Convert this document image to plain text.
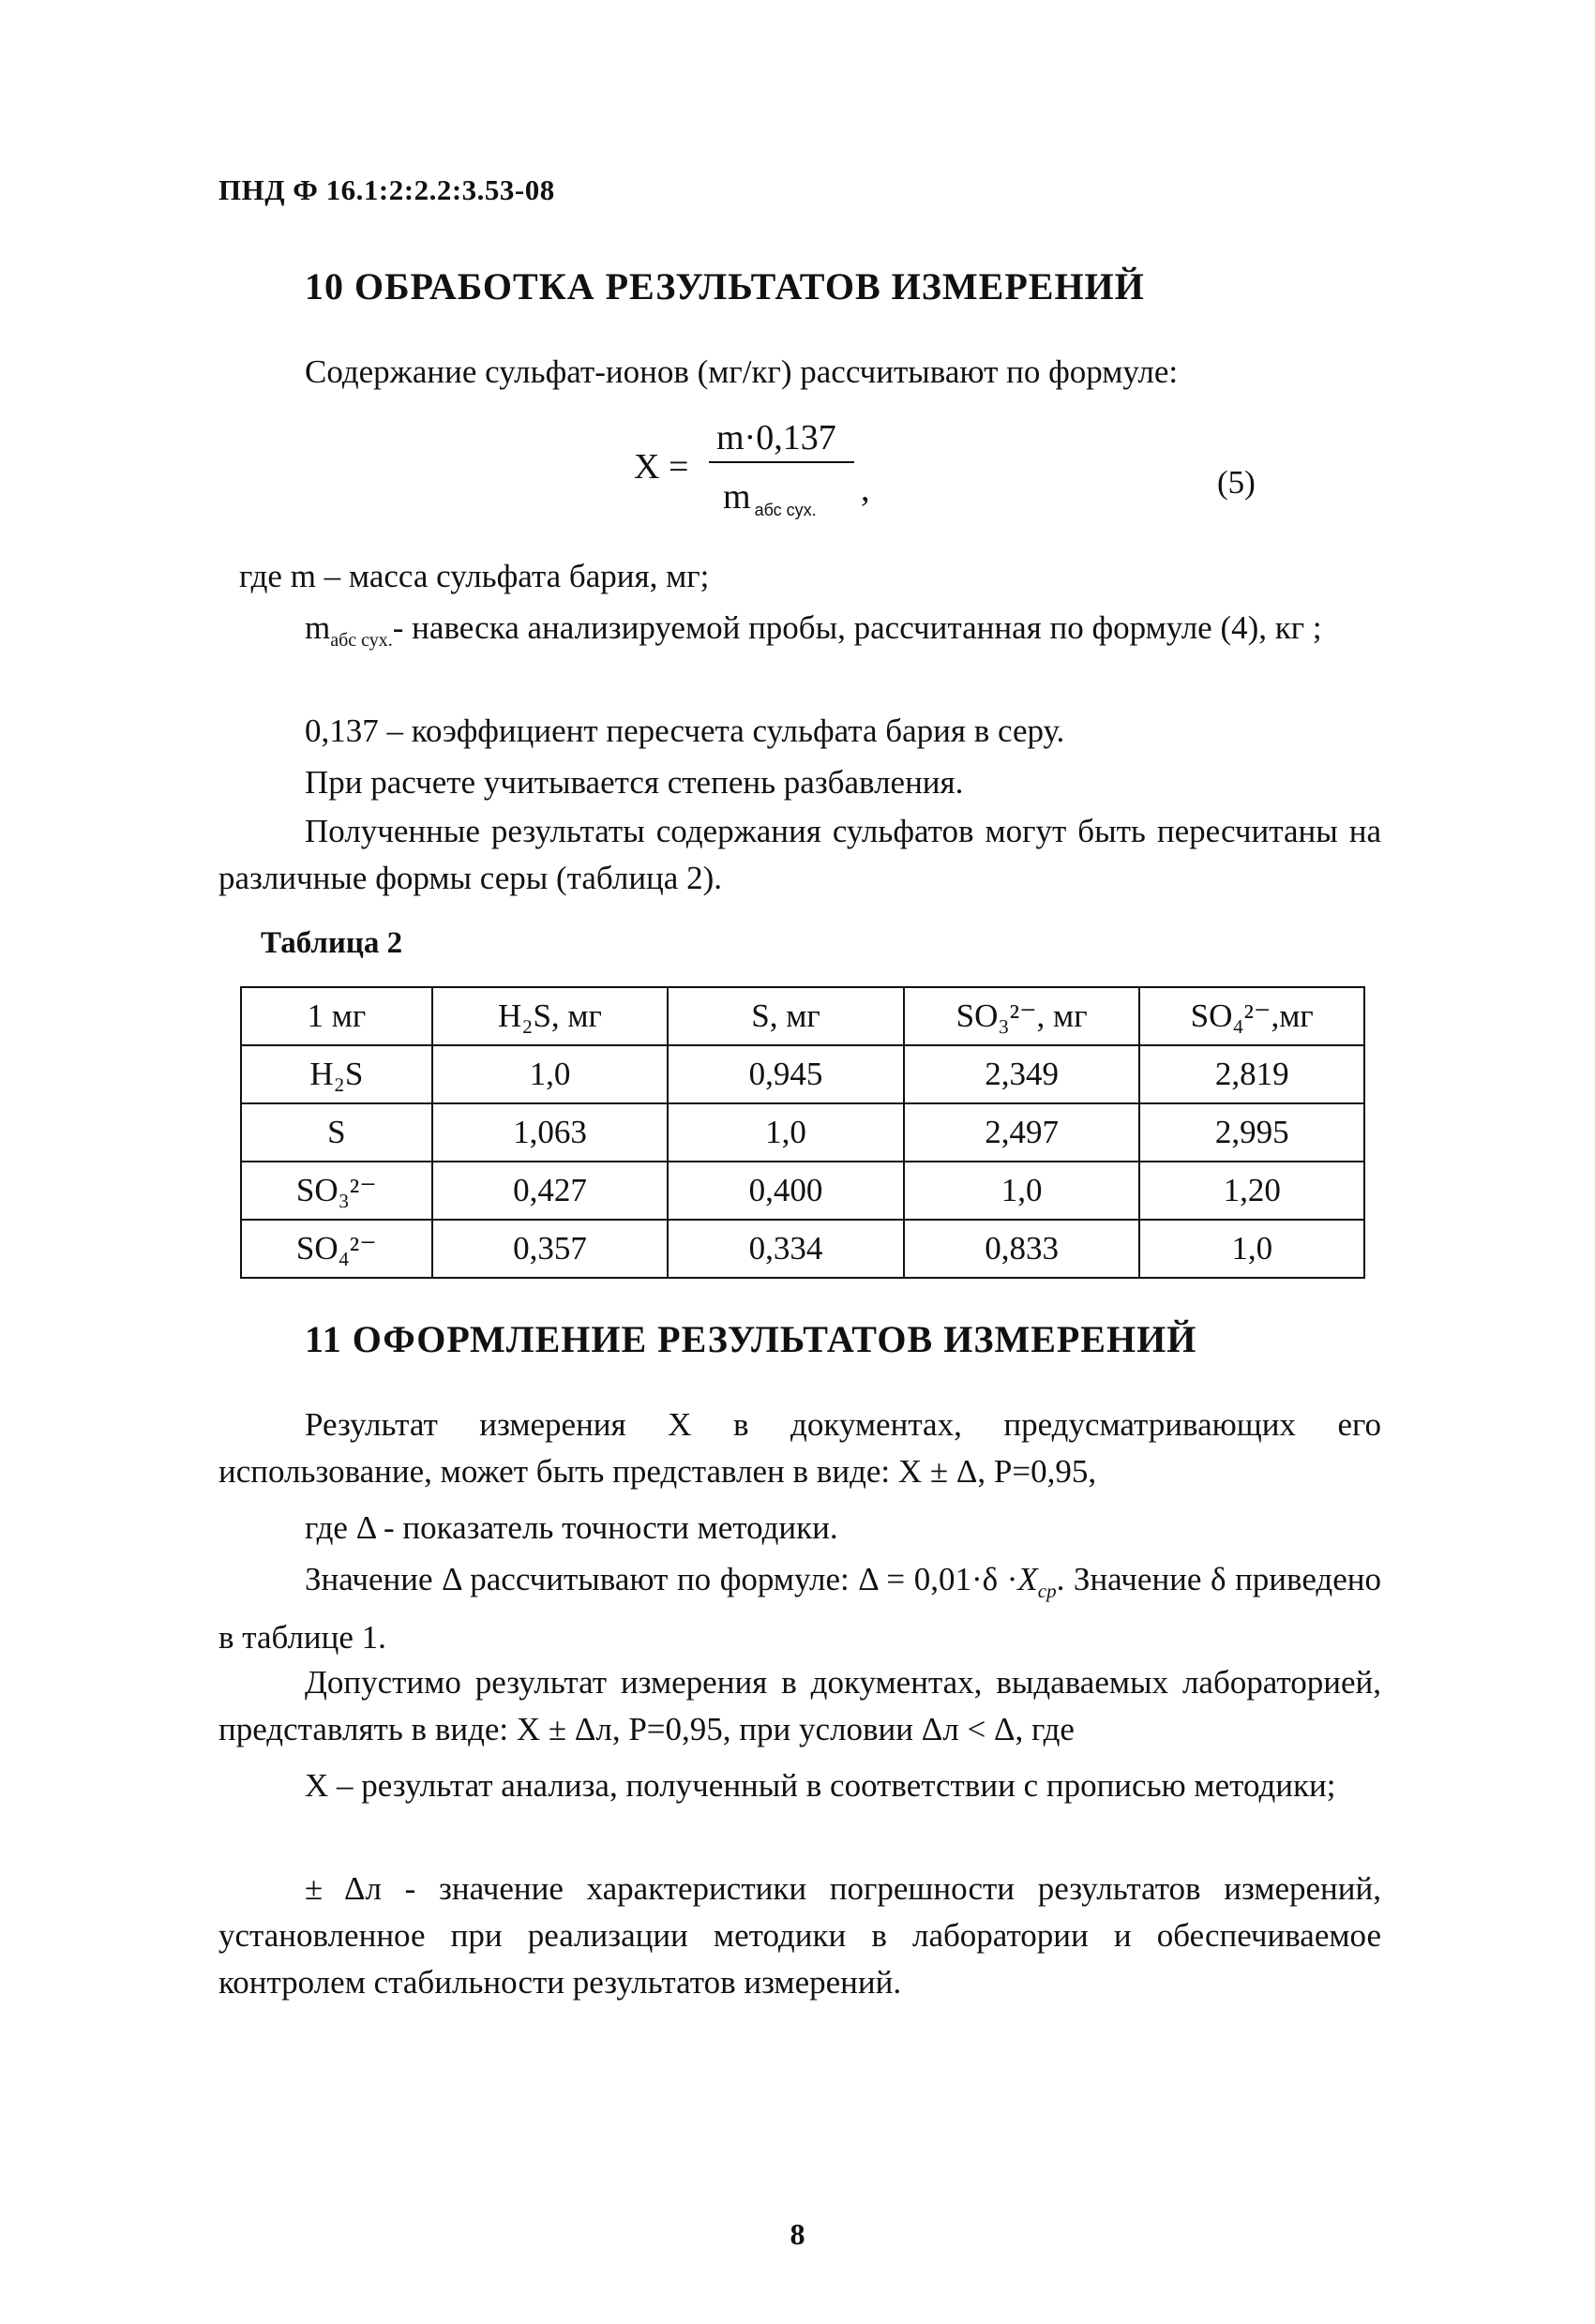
ПНД Ф 16.1:2:2.2:3.53-08
10 ОБРАБОТКА РЕЗУЛЬТАТОВ ИЗМЕРЕНИЙ
Содержание сульфат-ионов (мг/кг) рассчитывают по формуле:
X =
m·0,137
m $_{абс сух.}$
,	(5)
где m – масса сульфата бария, мг;
$m_{абс сух.}-$ навеска анализируемой пробы, рассчитанная по формуле (4), кг ;
0,137 – коэффициент пересчета сульфата бария в серу.
При расчете учитывается степень разбавления.
Полученные результаты содержания сульфатов могут быть пересчитаны на различные формы серы (таблица 2).
Таблица 2
1 мг	H₂S, мг	S, мг	SO₃²⁻, мг	SO₄²⁻,мг
H₂S	1,0	0,945	2,349	2,819
S	1,063	1,0	2,497	2,995
SO₃²⁻	0,427	0,400	1,0	1,20
SO₄²⁻	0,357	0,334	0,833	1,0
11 ОФОРМЛЕНИЕ РЕЗУЛЬТАТОВ ИЗМЕРЕНИЙ
Результат измерения X в документах, предусматривающих его использование, может быть представлен в виде: X ± Δ, P=0,95,
где Δ - показатель точности методики.
Значение Δ рассчитывают по формуле: $\Delta = 0,01\cdot\delta \cdot X_{ср}$. Значение δ приведено в таблице 1.
Допустимо результат измерения в документах, выдаваемых лабораторией, представлять в виде: X ± Δл, P=0,95, при условии Δл < Δ, где
X – результат анализа, полученный в соответствии с прописью методики;
± Δл - значение характеристики погрешности результатов измерений, установленное при реализации методики в лаборатории и обеспечиваемое контролем стабильности результатов измерений.
8
